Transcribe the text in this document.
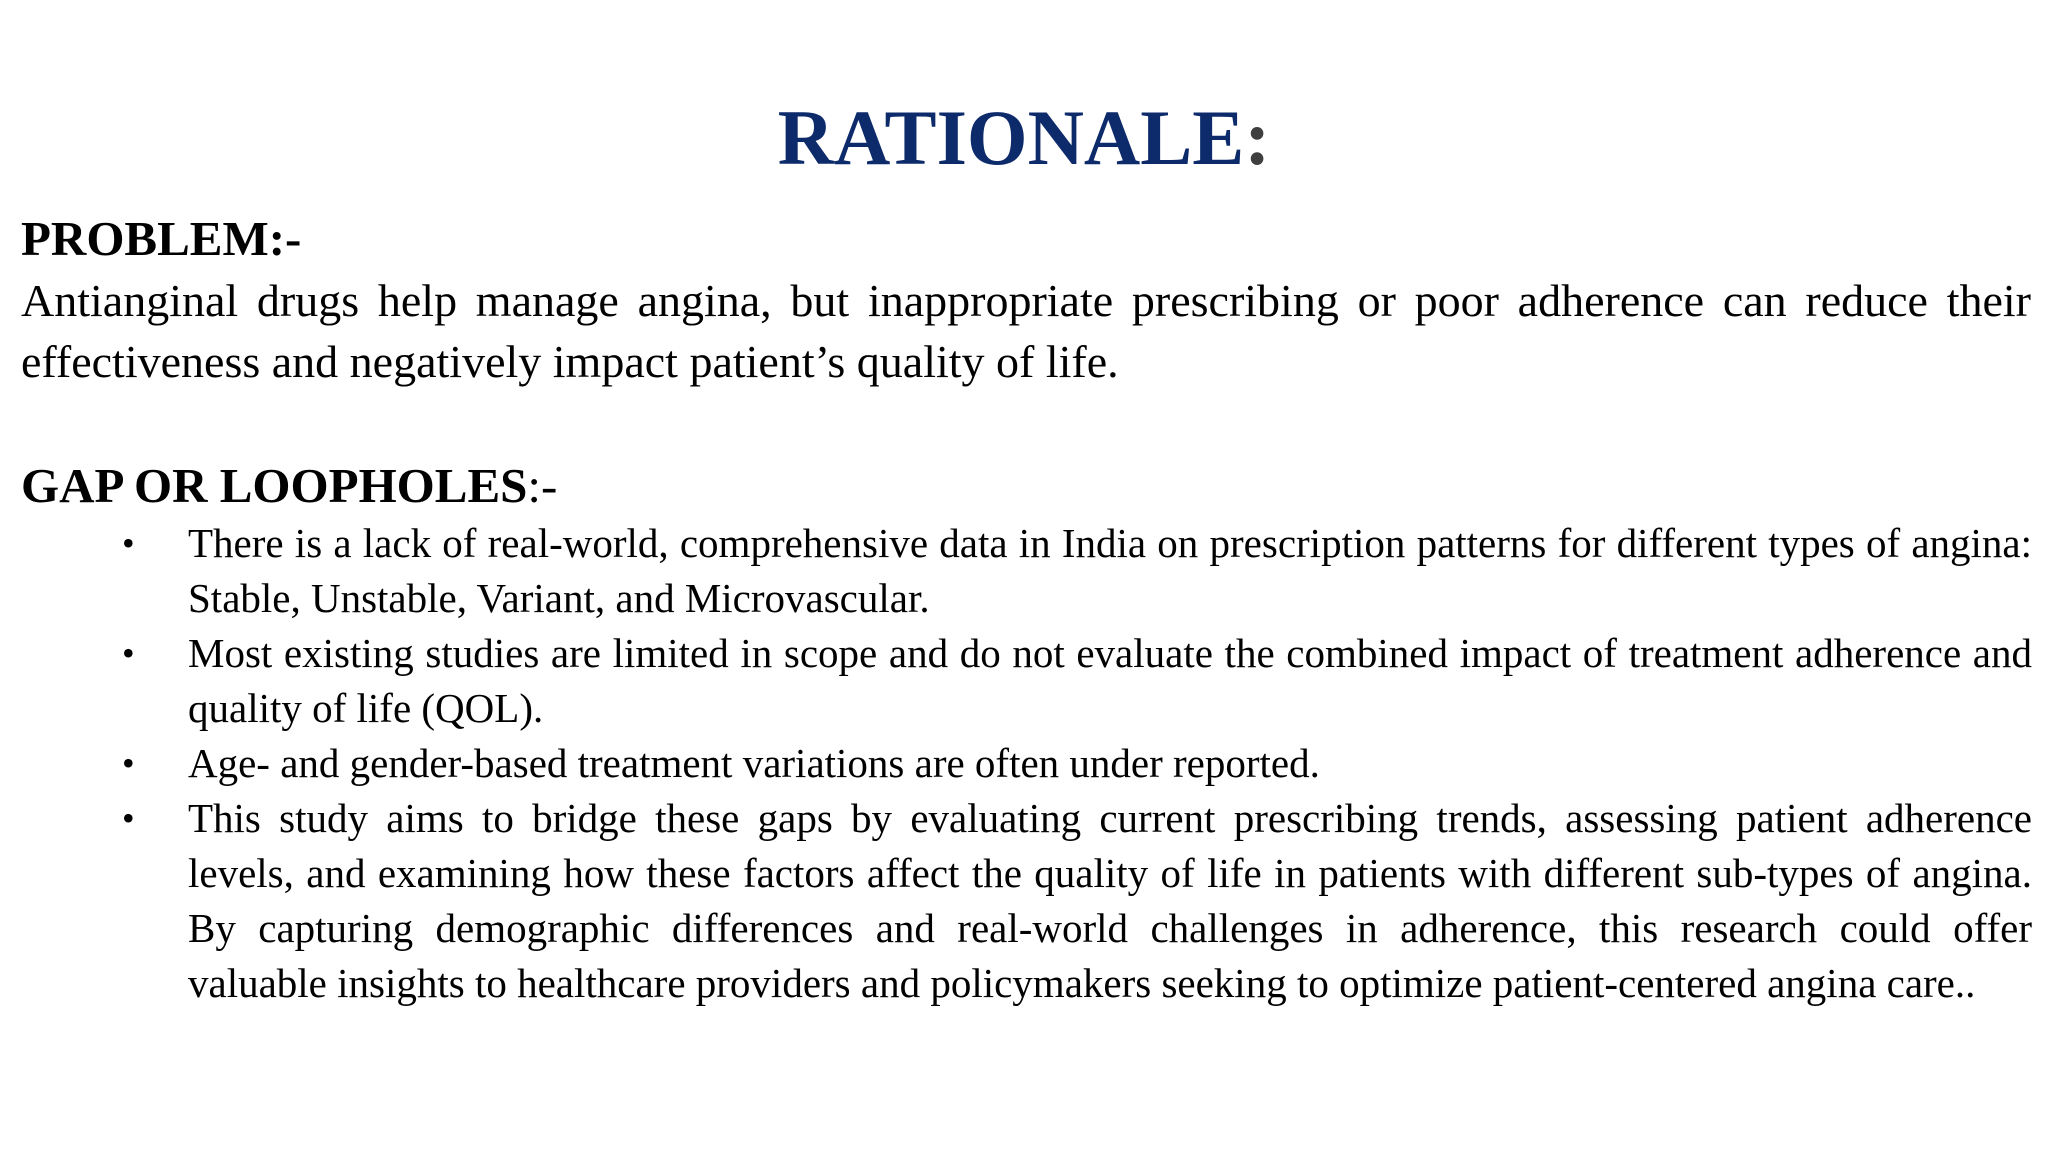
RATIONALE:
PROBLEM:-

Antianginal drugs help manage angina, but inappropriate prescribing or poor adherence can reduce their effectiveness and negatively impact patient’s quality of life.

GAP OR LOOPHOLES:-
• There is a lack of real-world, comprehensive data in India on prescription patterns for different types of angina: Stable, Unstable, Variant, and Microvascular.
• Most existing studies are limited in scope and do not evaluate the combined impact of treatment adherence and quality of life (QOL).
• Age- and gender-based treatment variations are often under reported.
• This study aims to bridge these gaps by evaluating current prescribing trends, assessing patient adherence levels, and examining how these factors affect the quality of life in patients with different sub-types of angina. By capturing demographic differences and real-world challenges in adherence, this research could offer valuable insights to healthcare providers and policymakers seeking to optimize patient-centered angina care..
